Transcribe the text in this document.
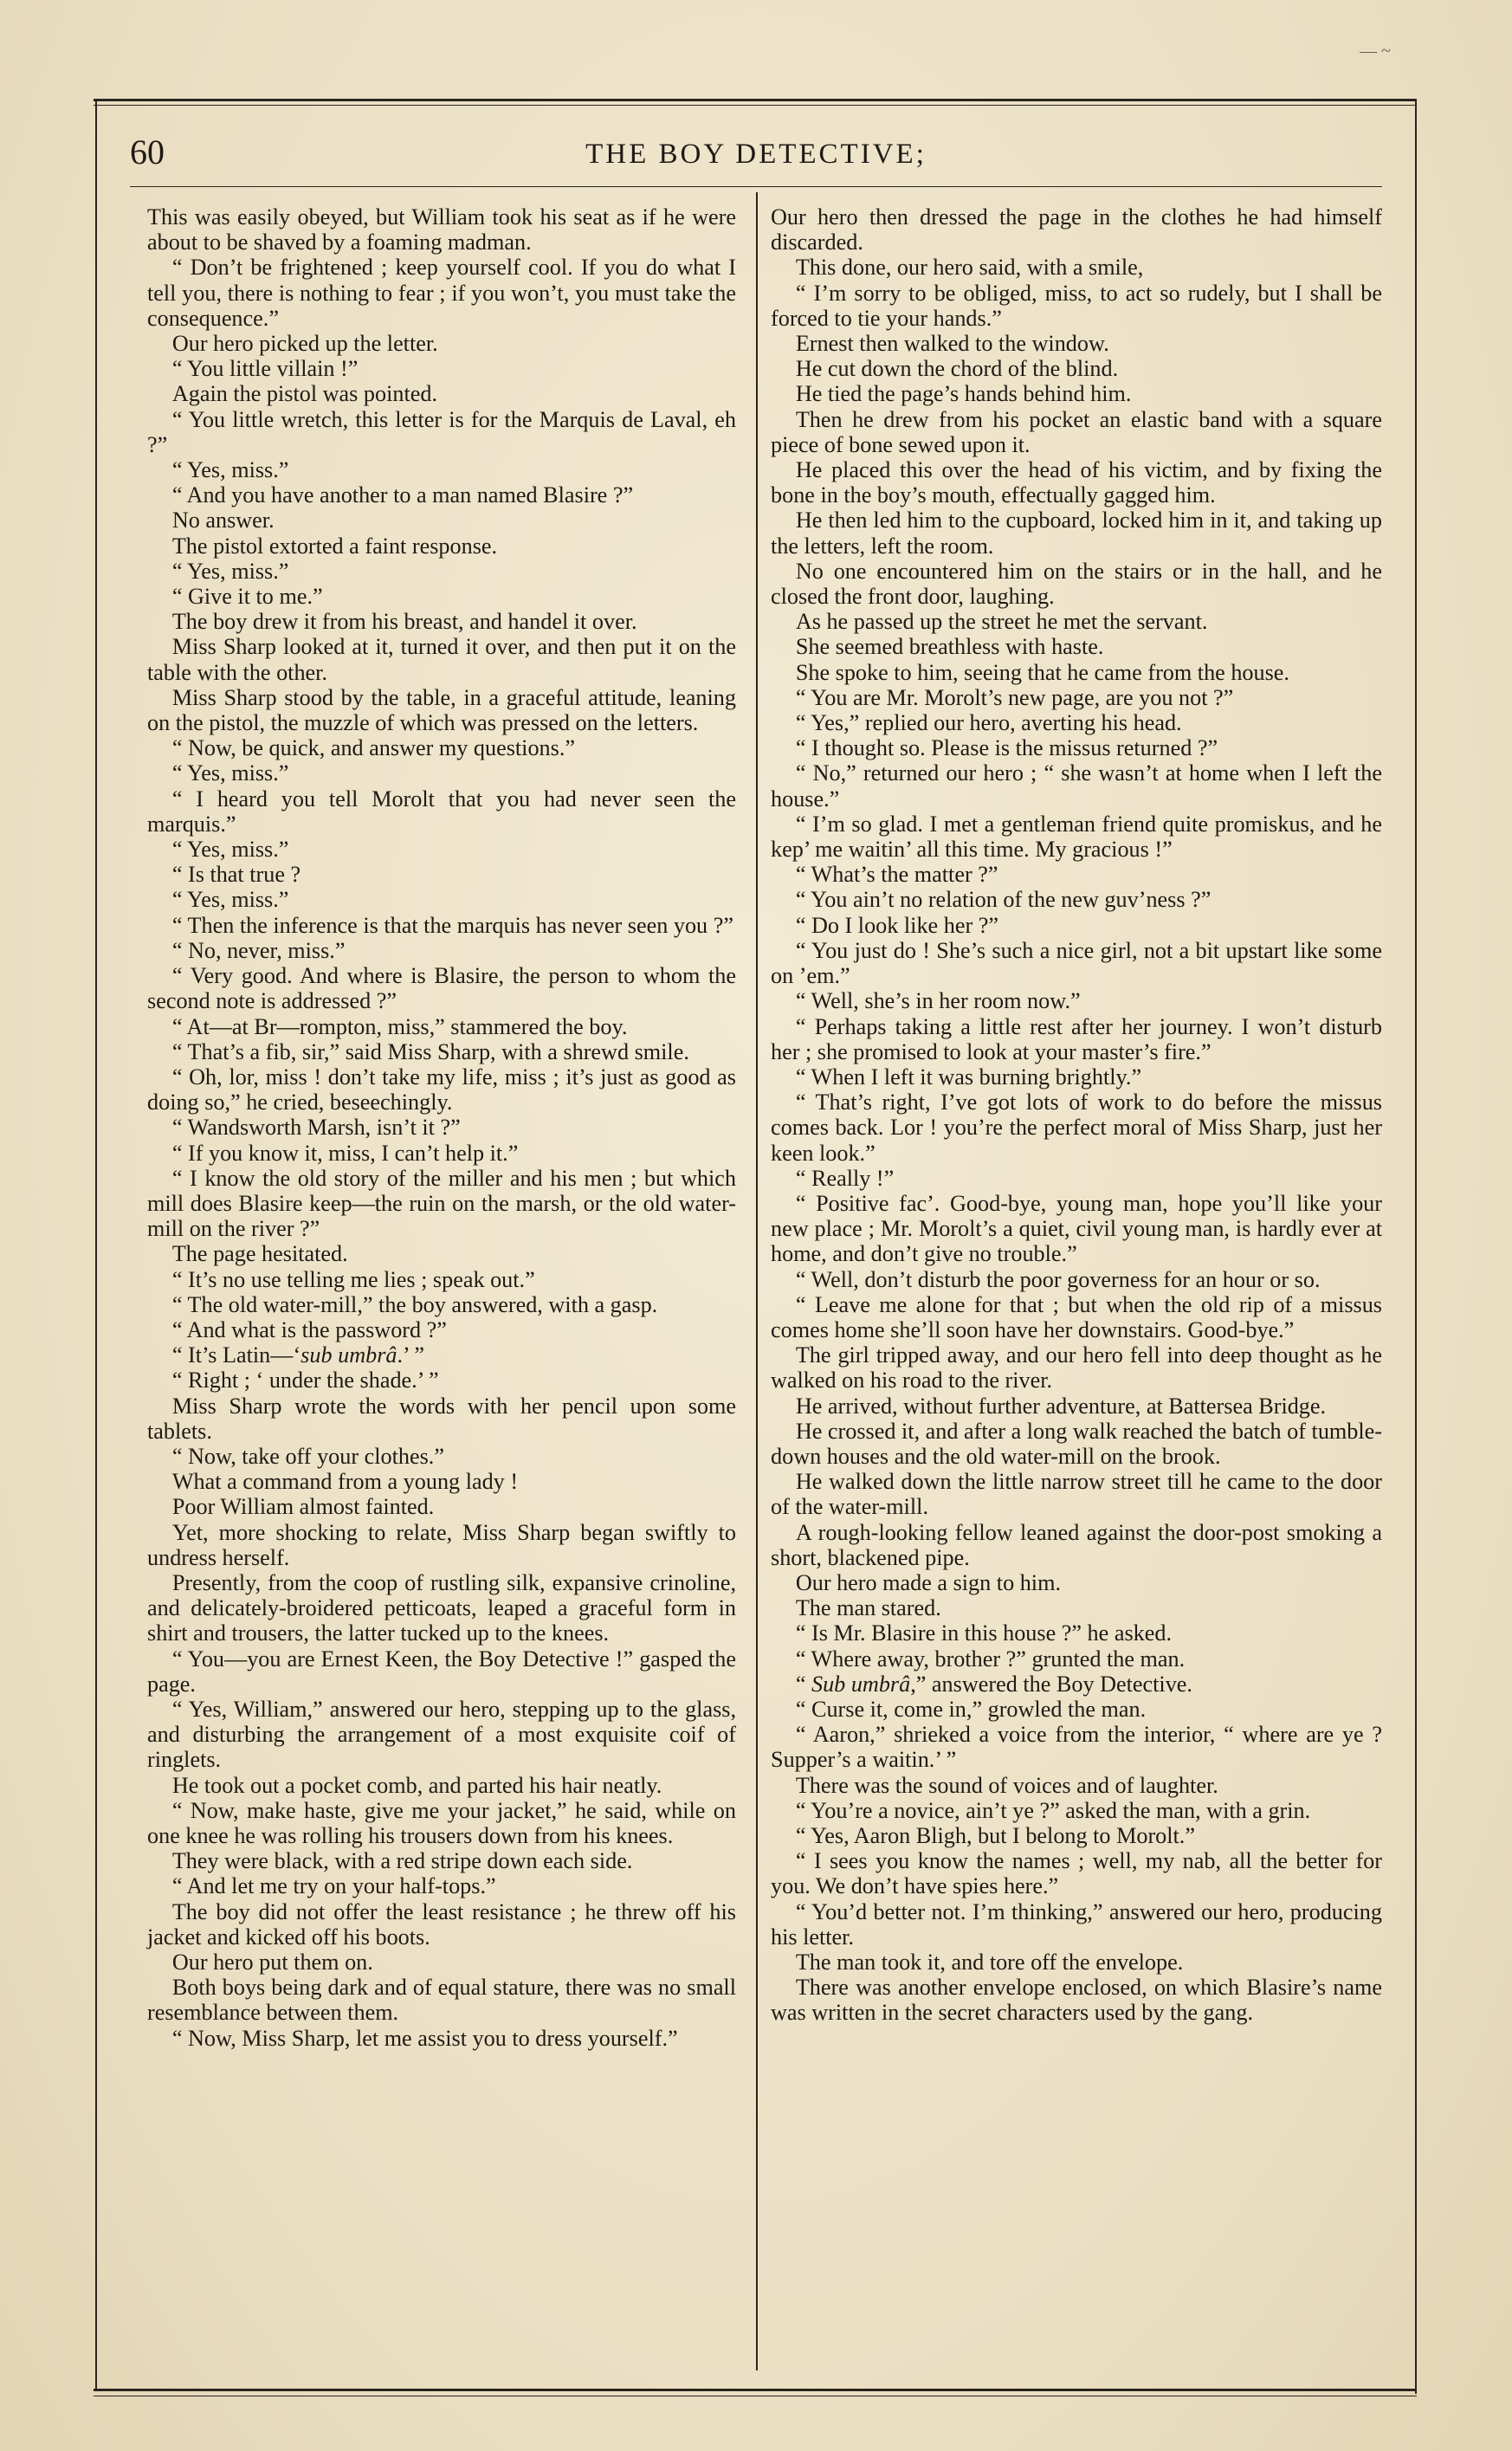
— ~
60	THE BOY DETECTIVE;

This was easily obeyed, but William took his seat as if he were about to be shaved by a foaming madman.

“ Don’t be frightened ; keep yourself cool. If you do what I tell you, there is nothing to fear ; if you won’t, you must take the consequence.”

Our hero picked up the letter.

“ You little villain !”

Again the pistol was pointed.

“ You little wretch, this letter is for the Marquis de Laval, eh ?”

“ Yes, miss.”

“ And you have another to a man named Blasire ?”

No answer.

The pistol extorted a faint response.

“ Yes, miss.”

“ Give it to me.”

The boy drew it from his breast, and handel it over.

Miss Sharp looked at it, turned it over, and then put it on the table with the other.

Miss Sharp stood by the table, in a graceful attitude, leaning on the pistol, the muzzle of which was pressed on the letters.

“ Now, be quick, and answer my questions.”

“ Yes, miss.”

“ I heard you tell Morolt that you had never seen the marquis.”

“ Yes, miss.”

“ Is that true ?

“ Yes, miss.”

“ Then the inference is that the marquis has never seen you ?”

“ No, never, miss.”

“ Very good. And where is Blasire, the person to whom the second note is addressed ?”

“ At—at Br—rompton, miss,” stammered the boy.

“ That’s a fib, sir,” said Miss Sharp, with a shrewd smile.

“ Oh, lor, miss ! don’t take my life, miss ; it’s just as good as doing so,” he cried, beseechingly.

“ Wandsworth Marsh, isn’t it ?”

“ If you know it, miss, I can’t help it.”

“ I know the old story of the miller and his men ; but which mill does Blasire keep—the ruin on the marsh, or the old water-mill on the river ?”

The page hesitated.

“ It’s no use telling me lies ; speak out.”

“ The old water-mill,” the boy answered, with a gasp.

“ And what is the password ?”

“ It’s Latin—‘sub umbrâ.’ ”

“ Right ; ‘ under the shade.’ ”

Miss Sharp wrote the words with her pencil upon some tablets.

“ Now, take off your clothes.”

What a command from a young lady !

Poor William almost fainted.

Yet, more shocking to relate, Miss Sharp began swiftly to undress herself.

Presently, from the coop of rustling silk, expansive crinoline, and delicately-broidered petticoats, leaped a graceful form in shirt and trousers, the latter tucked up to the knees.

“ You—you are Ernest Keen, the Boy Detective !” gasped the page.

“ Yes, William,” answered our hero, stepping up to the glass, and disturbing the arrangement of a most exquisite coif of ringlets.

He took out a pocket comb, and parted his hair neatly.

“ Now, make haste, give me your jacket,” he said, while on one knee he was rolling his trousers down from his knees.

They were black, with a red stripe down each side.

“ And let me try on your half-tops.”

The boy did not offer the least resistance ; he threw off his jacket and kicked off his boots.

Our hero put them on.

Both boys being dark and of equal stature, there was no small resemblance between them.

“ Now, Miss Sharp, let me assist you to dress yourself.”

Our hero then dressed the page in the clothes he had himself discarded.

This done, our hero said, with a smile,

“ I’m sorry to be obliged, miss, to act so rudely, but I shall be forced to tie your hands.”

Ernest then walked to the window.

He cut down the chord of the blind.

He tied the page’s hands behind him.

Then he drew from his pocket an elastic band with a square piece of bone sewed upon it.

He placed this over the head of his victim, and by fixing the bone in the boy’s mouth, effectually gagged him.

He then led him to the cupboard, locked him in it, and taking up the letters, left the room.

No one encountered him on the stairs or in the hall, and he closed the front door, laughing.

As he passed up the street he met the servant.

She seemed breathless with haste.

She spoke to him, seeing that he came from the house.

“ You are Mr. Morolt’s new page, are you not ?”

“ Yes,” replied our hero, averting his head.

“ I thought so. Please is the missus returned ?”

“ No,” returned our hero ; “ she wasn’t at home when I left the house.”

“ I’m so glad. I met a gentleman friend quite promiskus, and he kep’ me waitin’ all this time. My gracious !”

“ What’s the matter ?”

“ You ain’t no relation of the new guv’ness ?”

“ Do I look like her ?”

“ You just do ! She’s such a nice girl, not a bit upstart like some on ’em.”

“ Well, she’s in her room now.”

“ Perhaps taking a little rest after her journey. I won’t disturb her ; she promised to look at your master’s fire.”

“ When I left it was burning brightly.”

“ That’s right, I’ve got lots of work to do before the missus comes back. Lor ! you’re the perfect moral of Miss Sharp, just her keen look.”

“ Really !”

“ Positive fac’. Good-bye, young man, hope you’ll like your new place ; Mr. Morolt’s a quiet, civil young man, is hardly ever at home, and don’t give no trouble.”

“ Well, don’t disturb the poor governess for an hour or so.

“ Leave me alone for that ; but when the old rip of a missus comes home she’ll soon have her downstairs. Good-bye.”

The girl tripped away, and our hero fell into deep thought as he walked on his road to the river.

He arrived, without further adventure, at Battersea Bridge.

He crossed it, and after a long walk reached the batch of tumble-down houses and the old water-mill on the brook.

He walked down the little narrow street till he came to the door of the water-mill.

A rough-looking fellow leaned against the door-post smoking a short, blackened pipe.

Our hero made a sign to him.

The man stared.

“ Is Mr. Blasire in this house ?” he asked.

“ Where away, brother ?” grunted the man.

“ Sub umbrâ,” answered the Boy Detective.

“ Curse it, come in,” growled the man.

“ Aaron,” shrieked a voice from the interior, “ where are ye ? Supper’s a waitin.’ ”

There was the sound of voices and of laughter.

“ You’re a novice, ain’t ye ?” asked the man, with a grin.

“ Yes, Aaron Bligh, but I belong to Morolt.”

“ I sees you know the names ; well, my nab, all the better for you. We don’t have spies here.”

“ You’d better not. I’m thinking,” answered our hero, producing his letter.

The man took it, and tore off the envelope.

There was another envelope enclosed, on which Blasire’s name was written in the secret characters used by the gang.
